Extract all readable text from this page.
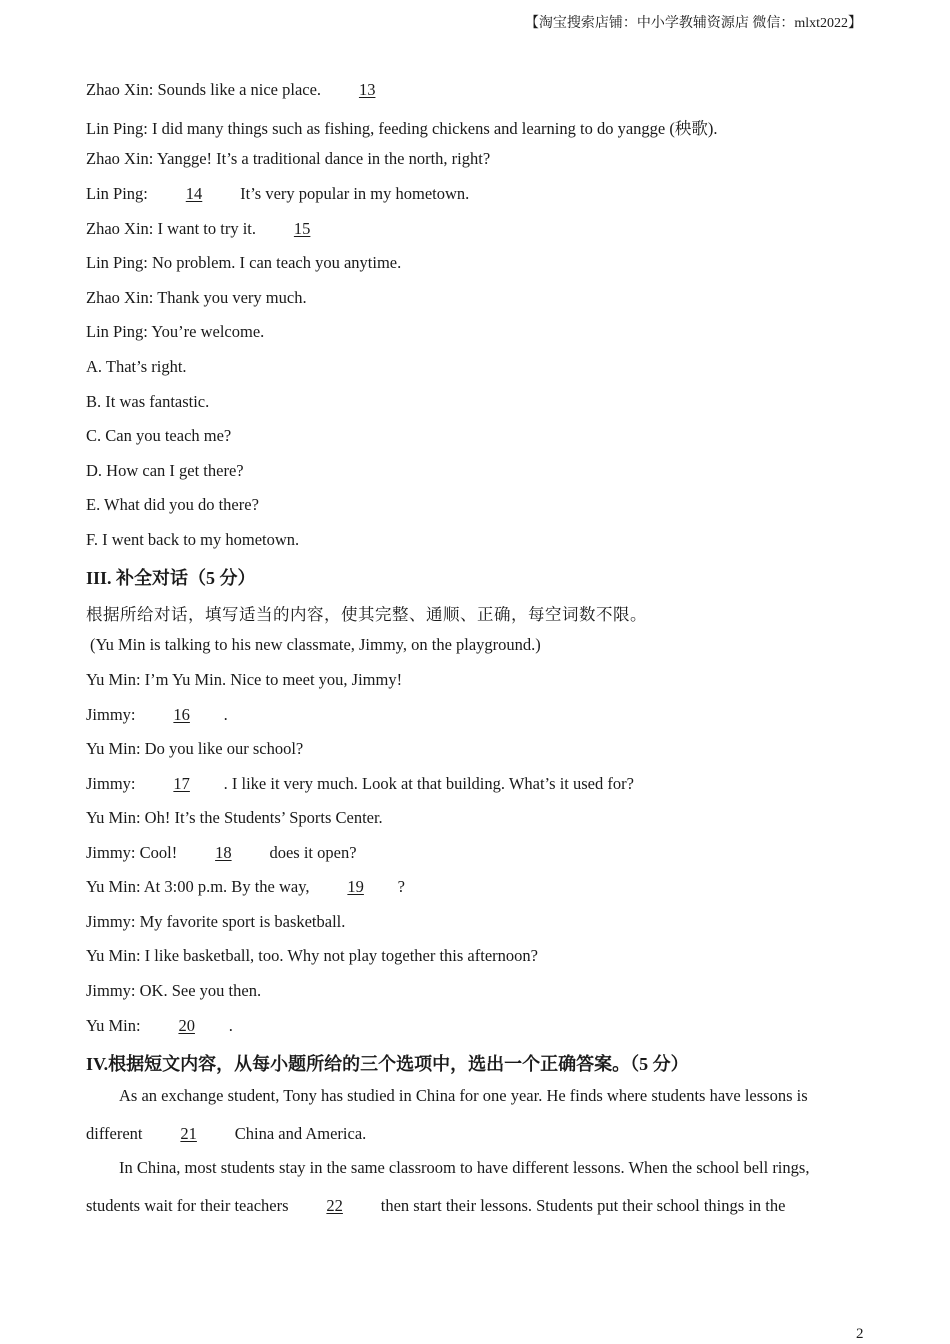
【淘宝搜索店铺：中小学教辅资源店 微信：mlxt2022】
Zhao Xin: Sounds like a nice place. 13
Lin Ping: I did many things such as fishing, feeding chickens and learning to do yangge (秧歌).
Zhao Xin: Yangge! It’s a traditional dance in the north, right?
Lin Ping: 14 It’s very popular in my hometown.
Zhao Xin: I want to try it. 15
Lin Ping: No problem. I can teach you anytime.
Zhao Xin: Thank you very much.
Lin Ping: You’re welcome.
A. That’s right.
B. It was fantastic.
C. Can you teach me?
D. How can I get there?
E. What did you do there?
F. I went back to my hometown.
III. 补全对话（5 分）
根据所给对话，填写适当的内容，使其完整、通顺、正确，每空词数不限。
(Yu Min is talking to his new classmate, Jimmy, on the playground.)
Yu Min: I’m Yu Min. Nice to meet you, Jimmy!
Jimmy: 16 .
Yu Min: Do you like our school?
Jimmy: 17 . I like it very much. Look at that building. What’s it used for?
Yu Min: Oh! It’s the Students’ Sports Center.
Jimmy: Cool! 18 does it open?
Yu Min: At 3:00 p.m. By the way, 19 ?
Jimmy: My favorite sport is basketball.
Yu Min: I like basketball, too. Why not play together this afternoon?
Jimmy: OK. See you then.
Yu Min: 20 .
IV.根据短文内容，从每小题所给的三个选项中，选出一个正确答案。（5 分）
As an exchange student, Tony has studied in China for one year. He finds where students have lessons is
different 21 China and America.
In China, most students stay in the same classroom to have different lessons. When the school bell rings,
students wait for their teachers 22 then start their lessons. Students put their school things in the
2
